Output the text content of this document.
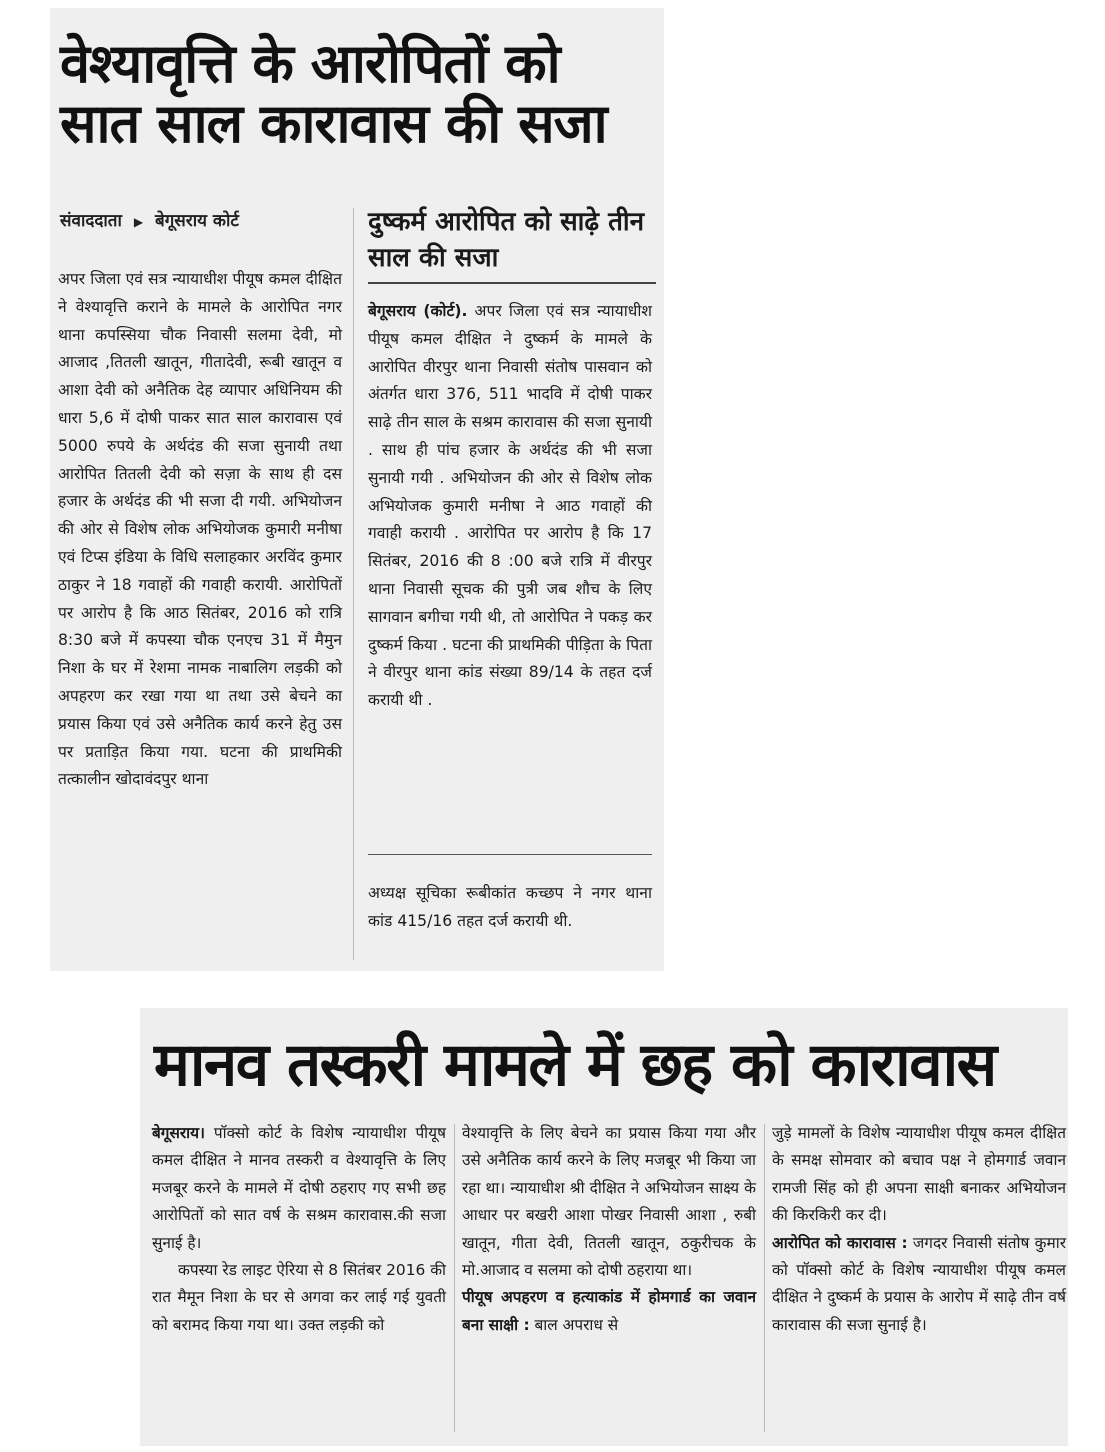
वेश्यावृत्ति के आरोपितों को
सात साल कारावास की सजा
संवाददाता ▶ बेगूसराय कोर्ट

अपर जिला एवं सत्र न्यायाधीश पीयूष कमल दीक्षित ने वेश्यावृत्ति कराने के मामले के आरोपित नगर थाना कपस्सिया चौक निवासी सलमा देवी, मो आजाद ,तितली खातून, गीतादेवी, रूबी खातून व आशा देवी को अनैतिक देह व्यापार अधिनियम की धारा 5,6 में दोषी पाकर सात साल कारावास एवं 5000 रुपये के अर्थदंड की सजा सुनायी तथा आरोपित तितली देवी को सज़ा के साथ ही दस हजार के अर्थदंड की भी सजा दी गयी. अभियोजन की ओर से विशेष लोक अभियोजक कुमारी मनीषा एवं टिप्स इंडिया के विधि सलाहकार अरविंद कुमार ठाकुर ने 18 गवाहों की गवाही करायी. आरोपितों पर आरोप है कि आठ सितंबर, 2016 को रात्रि 8:30 बजे में कपस्या चौक एनएच 31 में मैमुन निशा के घर में रेशमा नामक नाबालिग लड़की को अपहरण कर रखा गया था तथा उसे बेचने का प्रयास किया एवं उसे अनैतिक कार्य करने हेतु उस पर प्रताड़ित किया गया. घटना की प्राथमिकी तत्कालीन खोदावंदपुर थाना

दुष्कर्म आरोपित को साढ़े तीन साल की सजा

बेगूसराय (कोर्ट). अपर जिला एवं सत्र न्यायाधीश पीयूष कमल दीक्षित ने दुष्कर्म के मामले के आरोपित वीरपुर थाना निवासी संतोष पासवान को अंतर्गत धारा 376, 511 भादवि में दोषी पाकर साढ़े तीन साल के सश्रम कारावास की सजा सुनायी . साथ ही पांच हजार के अर्थदंड की भी सजा सुनायी गयी . अभियोजन की ओर से विशेष लोक अभियोजक कुमारी मनीषा ने आठ गवाहों की गवाही करायी . आरोपित पर आरोप है कि 17 सितंबर, 2016 की 8 :00 बजे रात्रि में वीरपुर थाना निवासी सूचक की पुत्री जब शौच के लिए सागवान बगीचा गयी थी, तो आरोपित ने पकड़ कर दुष्कर्म किया . घटना की प्राथमिकी पीड़िता के पिता ने वीरपुर थाना कांड संख्या 89/14 के तहत दर्ज करायी थी .

अध्यक्ष सूचिका रूबीकांत कच्छप ने नगर थाना कांड 415/16 तहत दर्ज करायी थी.

मानव तस्करी मामले में छह को कारावास

बेगूसराय। पॉक्सो कोर्ट के विशेष न्यायाधीश पीयूष कमल दीक्षित ने मानव तस्करी व वेश्यावृत्ति के लिए मजबूर करने के मामले में दोषी ठहराए गए सभी छह आरोपितों को सात वर्ष के सश्रम कारावास.की सजा सुनाई है।

कपस्या रेड लाइट ऐरिया से 8 सितंबर 2016 की रात मैमून निशा के घर से अगवा कर लाई गई युवती को बरामद किया गया था। उक्त लड़की को

वेश्यावृत्ति के लिए बेचने का प्रयास किया गया और उसे अनैतिक कार्य करने के लिए मजबूर भी किया जा रहा था। न्यायाधीश श्री दीक्षित ने अभियोजन साक्ष्य के आधार पर बखरी आशा पोखर निवासी आशा , रुबी खातून, गीता देवी, तितली खातून, ठकुरीचक के मो.आजाद व सलमा को दोषी ठहराया था।

पीयूष अपहरण व हत्याकांड में होमगार्ड का जवान बना साक्षी : बाल अपराध से

जुड़े मामलों के विशेष न्यायाधीश पीयूष कमल दीक्षित के समक्ष सोमवार को बचाव पक्ष ने होमगार्ड जवान रामजी सिंह को ही अपना साक्षी बनाकर अभियोजन की किरकिरी कर दी।

आरोपित को कारावास : जगदर निवासी संतोष कुमार को पॉक्सो कोर्ट के विशेष न्यायाधीश पीयूष कमल दीक्षित ने दुष्कर्म के प्रयास के आरोप में साढ़े तीन वर्ष कारावास की सजा सुनाई है।
